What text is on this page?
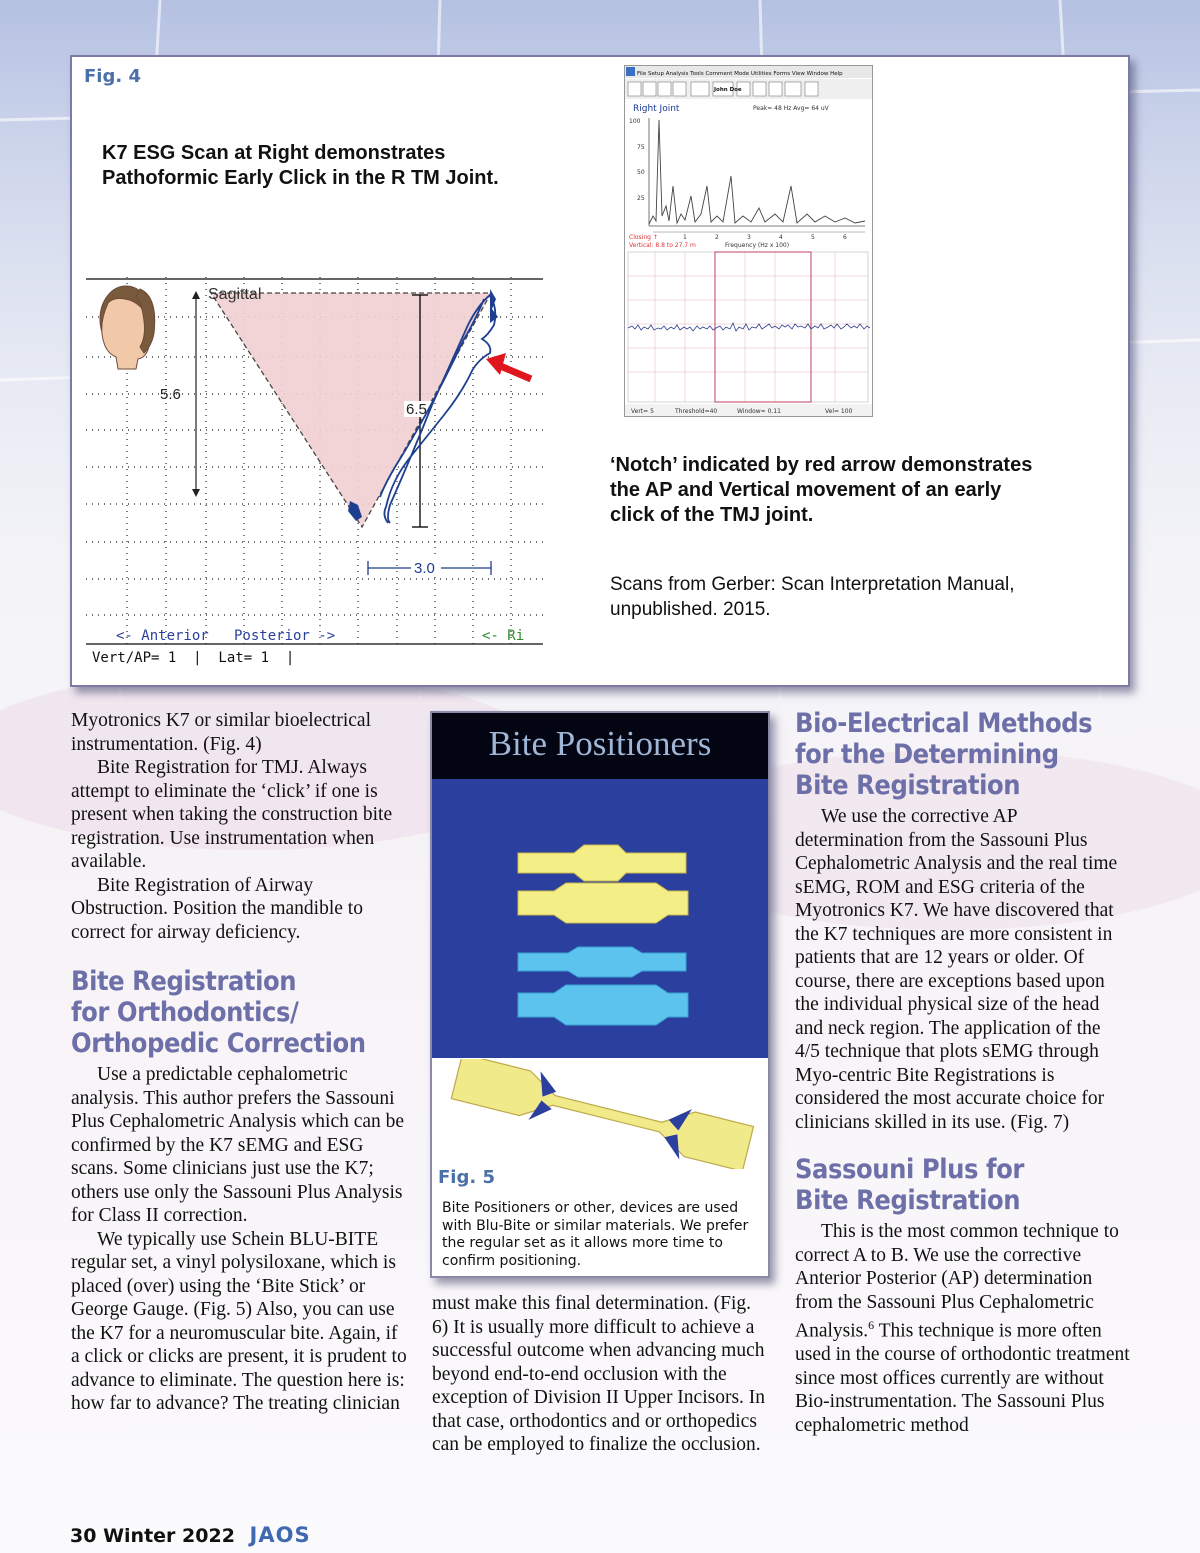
Fig. 4
K7 ESG Scan at Right demonstrates
Pathoformic Early Click in the R TM Joint.
Sagittal
5.6
6.5
3.0
<- Anterior   Posterior ->	<- Ri
Vert/AP= 1  |  Lat= 1  |
File Setup Analysis Tools Comment Mode Utilities Forms View Window Help
John Doe
Right Joint	Peak= 48 Hz Avg= 64 uV
100
75
50
25
1	2	3	4	5	6
Closing ↑
Vertical: 8.8 to 27.7 m	Frequency (Hz x 100)
Vert= 5	Threshold=40	Window= 0.11	Vel= 100
‘Notch’ indicated by red arrow demonstrates
the AP and Vertical movement of an early
click of the TMJ joint.
Scans from Gerber: Scan Interpretation Manual,
unpublished. 2015.

Myotronics K7 or similar bioelectrical instrumentation. (Fig. 4)

Bite Registration for TMJ. Always attempt to eliminate the ‘click’ if one is present when taking the construction bite registration. Use instrumentation when available.

Bite Registration of Airway Obstruction. Position the mandible to correct for airway deficiency.

Bite Registration
for Orthodontics/
Orthopedic Correction

Use a predictable cephalometric analysis. This author prefers the Sassouni Plus Cephalometric Analysis which can be confirmed by the K7 sEMG and ESG scans. Some clinicians just use the K7; others use only the Sassouni Plus Analysis for Class II correction.

We typically use Schein BLU-BITE regular set, a vinyl polysiloxane, which is placed (over) using the ‘Bite Stick’ or George Gauge. (Fig. 5) Also, you can use the K7 for a neuromuscular bite. Again, if a click or clicks are present, it is prudent to advance to eliminate. The question here is: how far to advance? The treating clinician

Bite Positioners
Fig. 5
Bite Positioners or other, devices are used with Blu-Bite or similar materials. We prefer the regular set as it allows more time to confirm positioning.

must make this final determination. (Fig. 6) It is usually more difficult to achieve a successful outcome when advancing much beyond end-to-end occlusion with the exception of Division II Upper Incisors. In that case, orthodontics and or orthopedics can be employed to finalize the occlusion.

Bio-Electrical Methods
for the Determining
Bite Registration

We use the corrective AP determination from the Sassouni Plus Cephalometric Analysis and the real time sEMG, ROM and ESG criteria of the Myotronics K7. We have discovered that the K7 techniques are more consistent in patients that are 12 years or older. Of course, there are exceptions based upon the individual physical size of the head and neck region. The application of the 4/5 technique that plots sEMG through Myo-centric Bite Registrations is considered the most accurate choice for clinicians skilled in its use. (Fig. 7)

Sassouni Plus for
Bite Registration

This is the most common technique to correct A to B. We use the corrective Anterior Posterior (AP) determination from the Sassouni Plus Cephalometric Analysis.$^6$ This technique is more often used in the course of orthodontic treatment since most offices currently are without Bio-instrumentation. The Sassouni Plus cephalometric method

30 Winter 2022 JAOS
